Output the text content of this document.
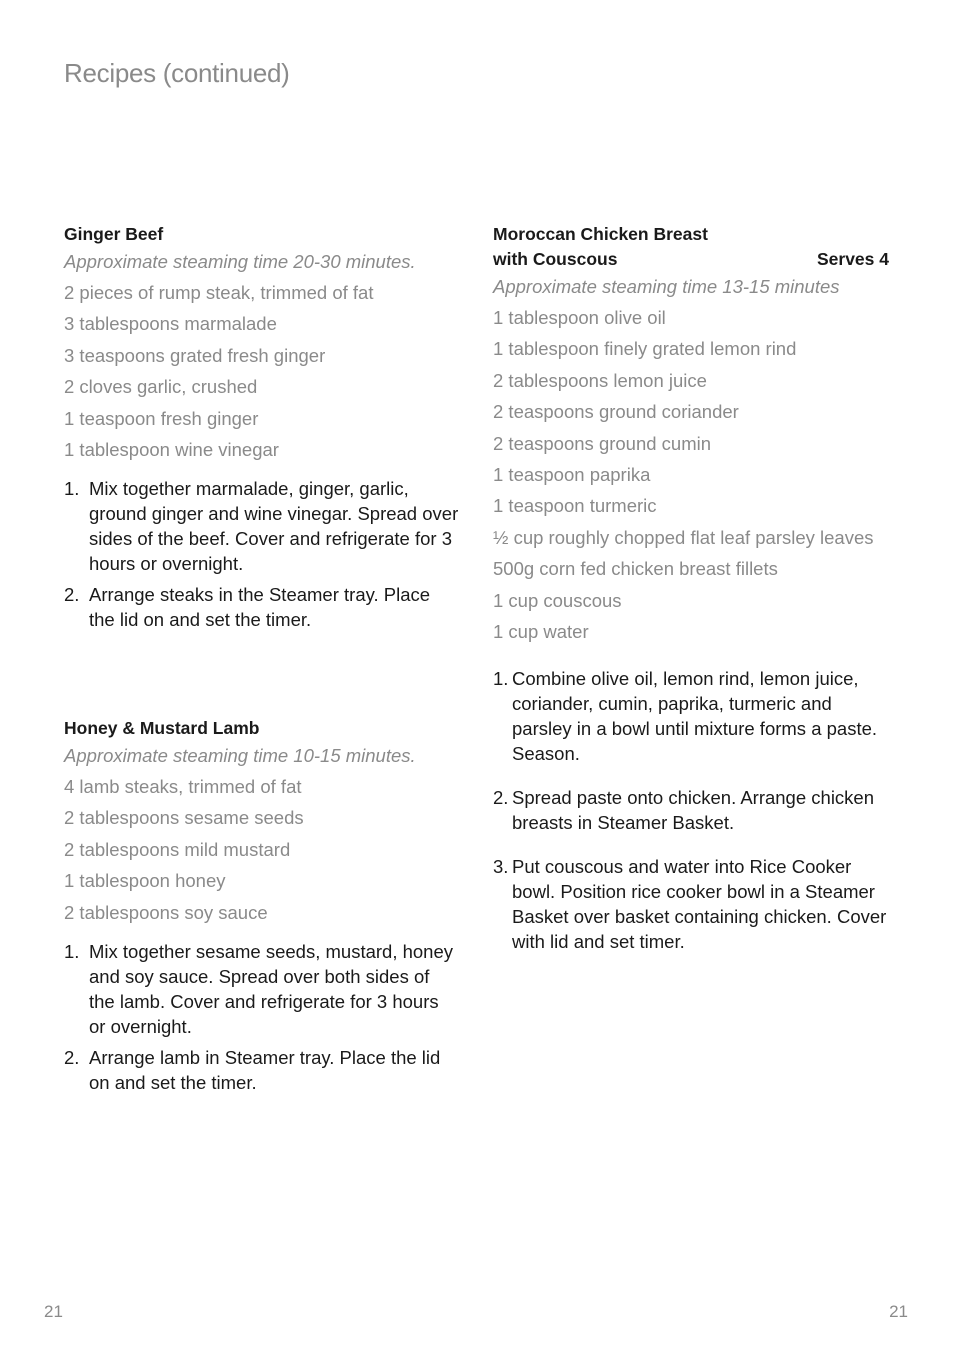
Recipes (continued)
Ginger Beef
Approximate steaming time 20-30 minutes.
2 pieces of rump steak, trimmed of fat
3 tablespoons marmalade
3 teaspoons grated fresh ginger
2 cloves garlic, crushed
1 teaspoon fresh ginger
1 tablespoon wine vinegar
1. Mix together marmalade, ginger, garlic, ground ginger and wine vinegar. Spread over sides of the beef. Cover and refrigerate for 3 hours or overnight.
2. Arrange steaks in the Steamer tray. Place the lid on and set the timer.
Honey & Mustard Lamb
Approximate steaming time 10-15 minutes.
4 lamb steaks, trimmed of fat
2 tablespoons sesame seeds
2 tablespoons mild mustard
1 tablespoon honey
2 tablespoons soy sauce
1. Mix together sesame seeds, mustard, honey and soy sauce. Spread over both sides of the lamb. Cover and refrigerate for 3 hours or overnight.
2. Arrange lamb in Steamer tray. Place the lid on and set the timer.
Moroccan Chicken Breast
with Couscous	Serves 4
Approximate steaming time 13-15 minutes
1 tablespoon olive oil
1 tablespoon finely grated lemon rind
2 tablespoons lemon juice
2 teaspoons ground coriander
2 teaspoons ground cumin
1 teaspoon paprika
1 teaspoon turmeric
½ cup roughly chopped flat leaf parsley leaves
500g corn fed chicken breast fillets
1 cup couscous
1 cup water
1. Combine olive oil, lemon rind, lemon juice, coriander, cumin, paprika, turmeric and parsley in a bowl until mixture forms a paste. Season.
2. Spread paste onto chicken. Arrange chicken breasts in Steamer Basket.
3. Put couscous and water into Rice Cooker bowl. Position rice cooker bowl in a Steamer Basket over basket containing chicken. Cover with lid and set timer.
21	21
